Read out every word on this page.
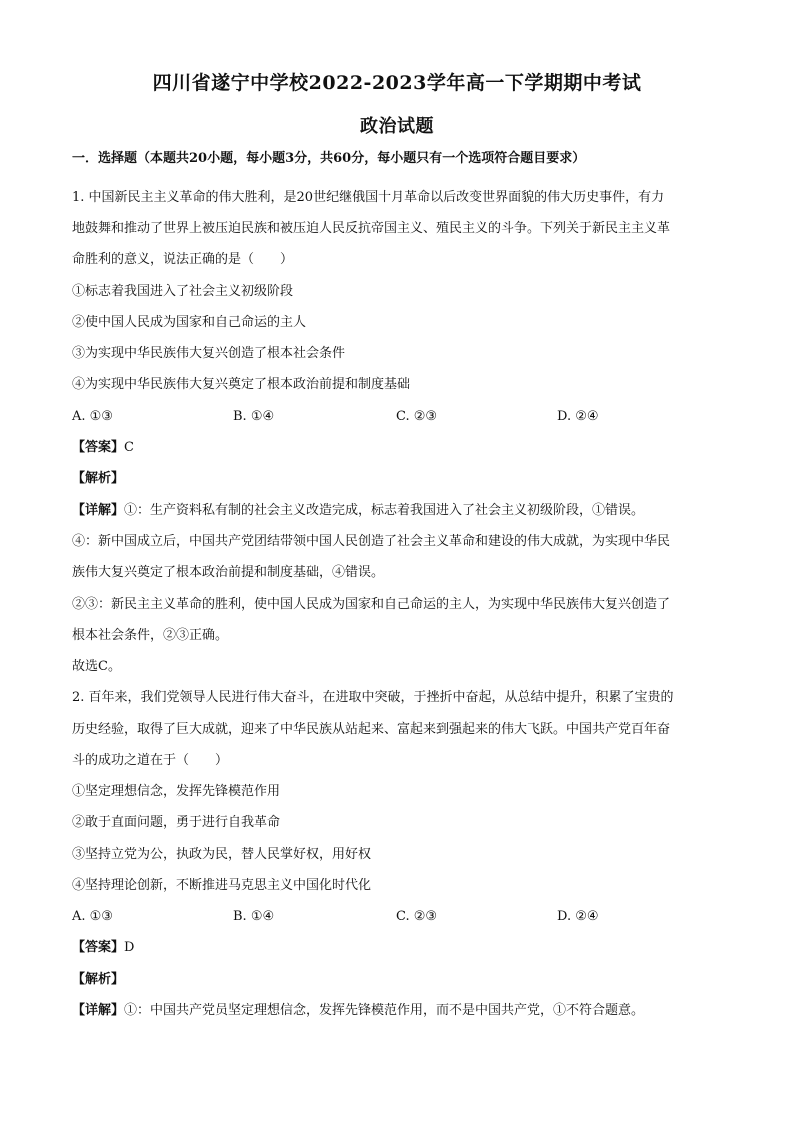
四川省遂宁中学校2022-2023学年高一下学期期中考试
政治试题
一．选择题（本题共20小题，每小题3分，共60分，每小题只有一个选项符合题目要求）
1. 中国新民主主义革命的伟大胜利，是20世纪继俄国十月革命以后改变世界面貌的伟大历史事件，有力
地鼓舞和推动了世界上被压迫民族和被压迫人民反抗帝国主义、殖民主义的斗争。下列关于新民主主义革
命胜利的意义，说法正确的是（　　）
①标志着我国进入了社会主义初级阶段
②使中国人民成为国家和自己命运的主人
③为实现中华民族伟大复兴创造了根本社会条件
④为实现中华民族伟大复兴奠定了根本政治前提和制度基础
A. ①③	B. ①④	C. ②③	D. ②④
【答案】C
【解析】
【详解】①：生产资料私有制的社会主义改造完成，标志着我国进入了社会主义初级阶段，①错误。
④：新中国成立后，中国共产党团结带领中国人民创造了社会主义革命和建设的伟大成就，为实现中华民
族伟大复兴奠定了根本政治前提和制度基础，④错误。
②③：新民主主义革命的胜利，使中国人民成为国家和自己命运的主人，为实现中华民族伟大复兴创造了
根本社会条件，②③正确。
故选C。
2. 百年来，我们党领导人民进行伟大奋斗，在进取中突破，于挫折中奋起，从总结中提升，积累了宝贵的
历史经验，取得了巨大成就，迎来了中华民族从站起来、富起来到强起来的伟大飞跃。中国共产党百年奋
斗的成功之道在于（　　）
①坚定理想信念，发挥先锋模范作用
②敢于直面问题，勇于进行自我革命
③坚持立党为公，执政为民，替人民掌好权，用好权
④坚持理论创新，不断推进马克思主义中国化时代化
A. ①③	B. ①④	C. ②③	D. ②④
【答案】D
【解析】
【详解】①：中国共产党员坚定理想信念，发挥先锋模范作用，而不是中国共产党，①不符合题意。
